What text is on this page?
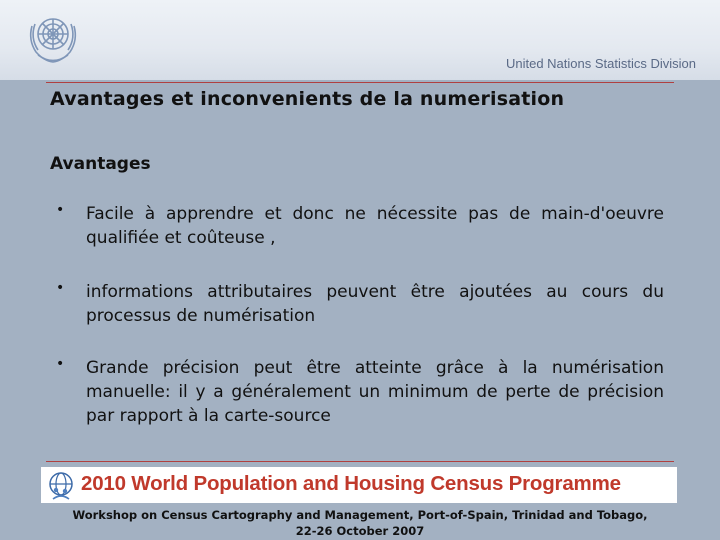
United Nations Statistics Division
Avantages et inconvenients de la numerisation
Avantages
• Facile à apprendre et donc ne nécessite pas de main-d'oeuvre qualifiée et coûteuse ,
• informations attributaires peuvent être ajoutées au cours du processus de numérisation
• Grande précision peut être atteinte grâce à la numérisation manuelle: il y a généralement un minimum de perte de précision par rapport à la carte-source
2010 World Population and Housing Census Programme
Workshop on Census Cartography and Management, Port-of-Spain, Trinidad and Tobago,
22-26 October 2007
